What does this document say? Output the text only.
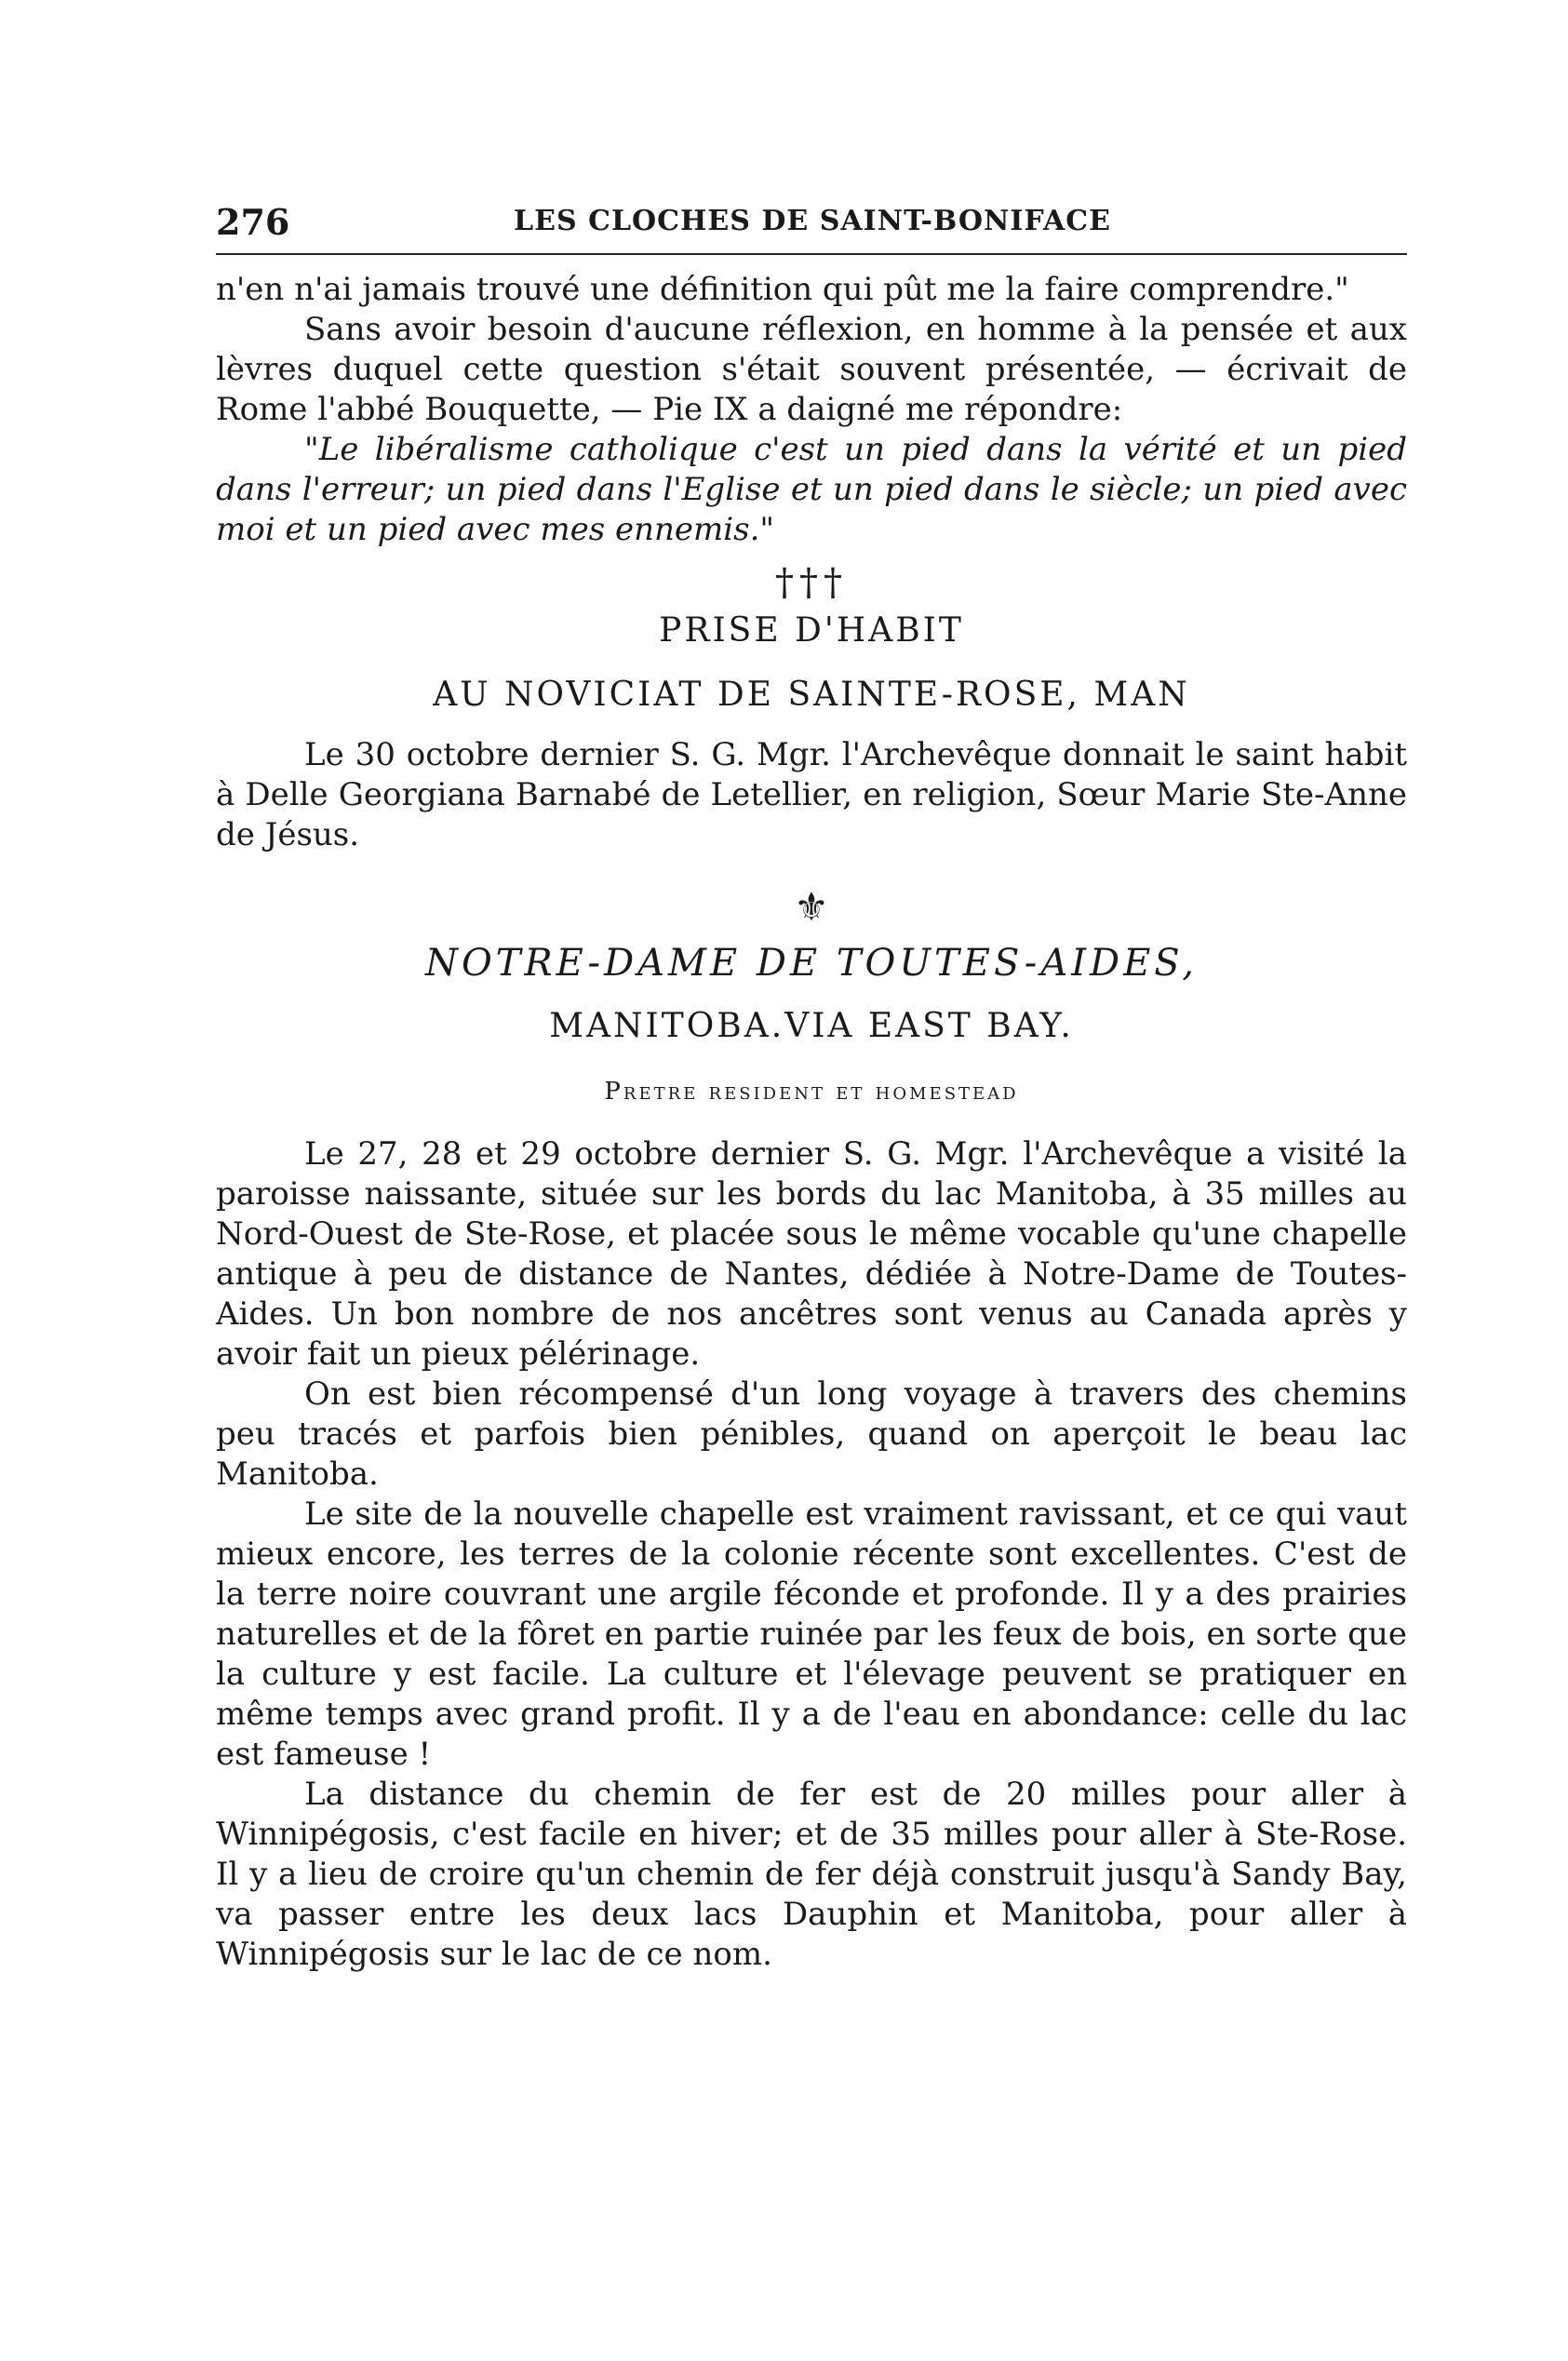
276	LES CLOCHES DE SAINT-BONIFACE

n'en n'ai jamais trouvé une définition qui pût me la faire comprendre."

Sans avoir besoin d'aucune réflexion, en homme à la pensée et aux lèvres duquel cette question s'était souvent présentée, — écrivait de Rome l'abbé Bouquette, — Pie IX a daigné me répondre:

"Le libéralisme catholique c'est un pied dans la vérité et un pied dans l'erreur; un pied dans l'Eglise et un pied dans le siècle; un pied avec moi et un pied avec mes ennemis."

†††

PRISE D'HABIT

AU NOVICIAT DE SAINTE-ROSE, MAN

Le 30 octobre dernier S. G. Mgr. l'Archevêque donnait le saint habit à Delle Georgiana Barnabé de Letellier, en religion, Sœur Marie Ste-Anne de Jésus.

⚜

NOTRE-DAME DE TOUTES-AIDES,

MANITOBA.VIA EAST BAY.

Pretre resident et homestead

Le 27, 28 et 29 octobre dernier S. G. Mgr. l'Archevêque a visité la paroisse naissante, située sur les bords du lac Manitoba, à 35 milles au Nord-Ouest de Ste-Rose, et placée sous le même vocable qu'une chapelle antique à peu de distance de Nantes, dédiée à Notre-Dame de Toutes-Aides. Un bon nombre de nos ancêtres sont venus au Canada après y avoir fait un pieux pélérinage.

On est bien récompensé d'un long voyage à travers des chemins peu tracés et parfois bien pénibles, quand on aperçoit le beau lac Manitoba.

Le site de la nouvelle chapelle est vraiment ravissant, et ce qui vaut mieux encore, les terres de la colonie récente sont excellentes. C'est de la terre noire couvrant une argile féconde et profonde. Il y a des prairies naturelles et de la fôret en partie ruinée par les feux de bois, en sorte que la culture y est facile. La culture et l'élevage peuvent se pratiquer en même temps avec grand profit. Il y a de l'eau en abondance: celle du lac est fameuse !

La distance du chemin de fer est de 20 milles pour aller à Winnipégosis, c'est facile en hiver; et de 35 milles pour aller à Ste-Rose. Il y a lieu de croire qu'un chemin de fer déjà construit jusqu'à Sandy Bay, va passer entre les deux lacs Dauphin et Manitoba, pour aller à Winnipégosis sur le lac de ce nom.
